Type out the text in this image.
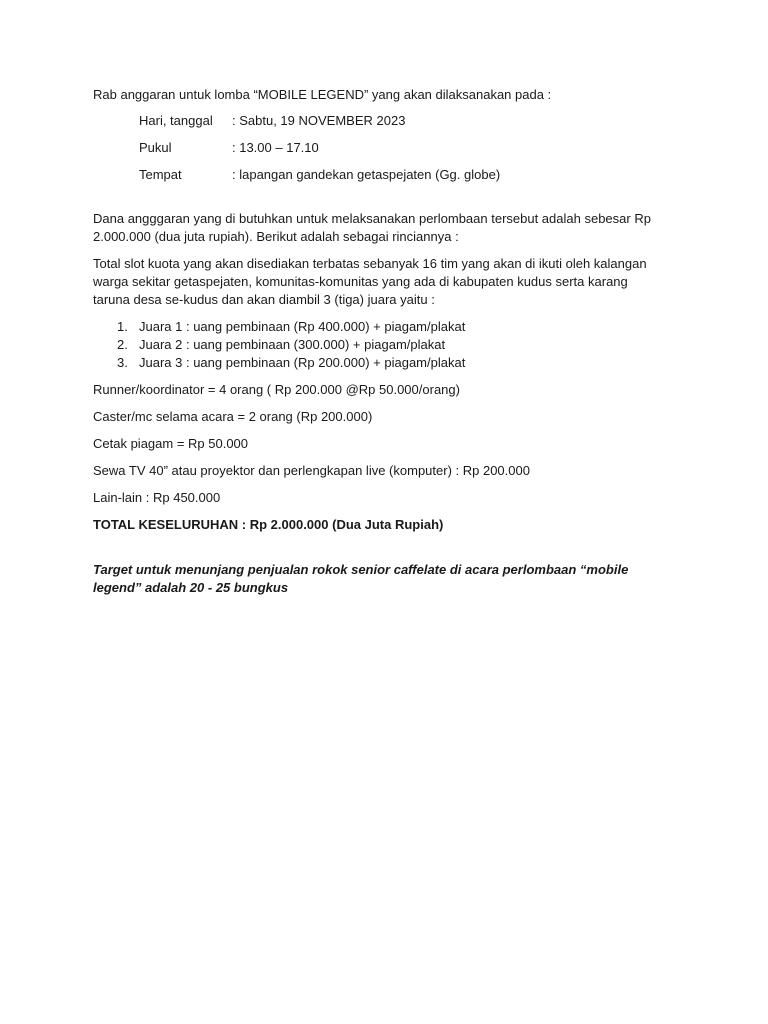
Rab anggaran untuk lomba “MOBILE LEGEND” yang akan dilaksanakan pada :

Hari, tanggal	: Sabtu, 19 NOVEMBER 2023
Pukul	: 13.00 – 17.10
Tempat	: lapangan gandekan getaspejaten (Gg. globe)

Dana angggaran yang di butuhkan untuk melaksanakan perlombaan tersebut adalah sebesar Rp 2.000.000 (dua juta rupiah). Berikut adalah sebagai rinciannya :

Total slot kuota yang akan disediakan terbatas sebanyak 16 tim yang akan di ikuti oleh kalangan warga sekitar getaspejaten, komunitas-komunitas yang ada di kabupaten kudus serta karang taruna desa se-kudus dan akan diambil 3 (tiga) juara yaitu :

1. Juara 1 : uang pembinaan (Rp 400.000) + piagam/plakat
2. Juara 2 : uang pembinaan (300.000) + piagam/plakat
3. Juara 3 : uang pembinaan (Rp 200.000) + piagam/plakat

Runner/koordinator = 4 orang ( Rp 200.000 @Rp 50.000/orang)

Caster/mc selama acara = 2 orang (Rp 200.000)

Cetak piagam = Rp 50.000

Sewa TV 40” atau proyektor dan perlengkapan live (komputer) : Rp 200.000

Lain-lain : Rp 450.000

TOTAL KESELURUHAN : Rp 2.000.000 (Dua Juta Rupiah)

Target untuk menunjang penjualan rokok senior caffelate di acara perlombaan “mobile legend” adalah 20 - 25 bungkus
